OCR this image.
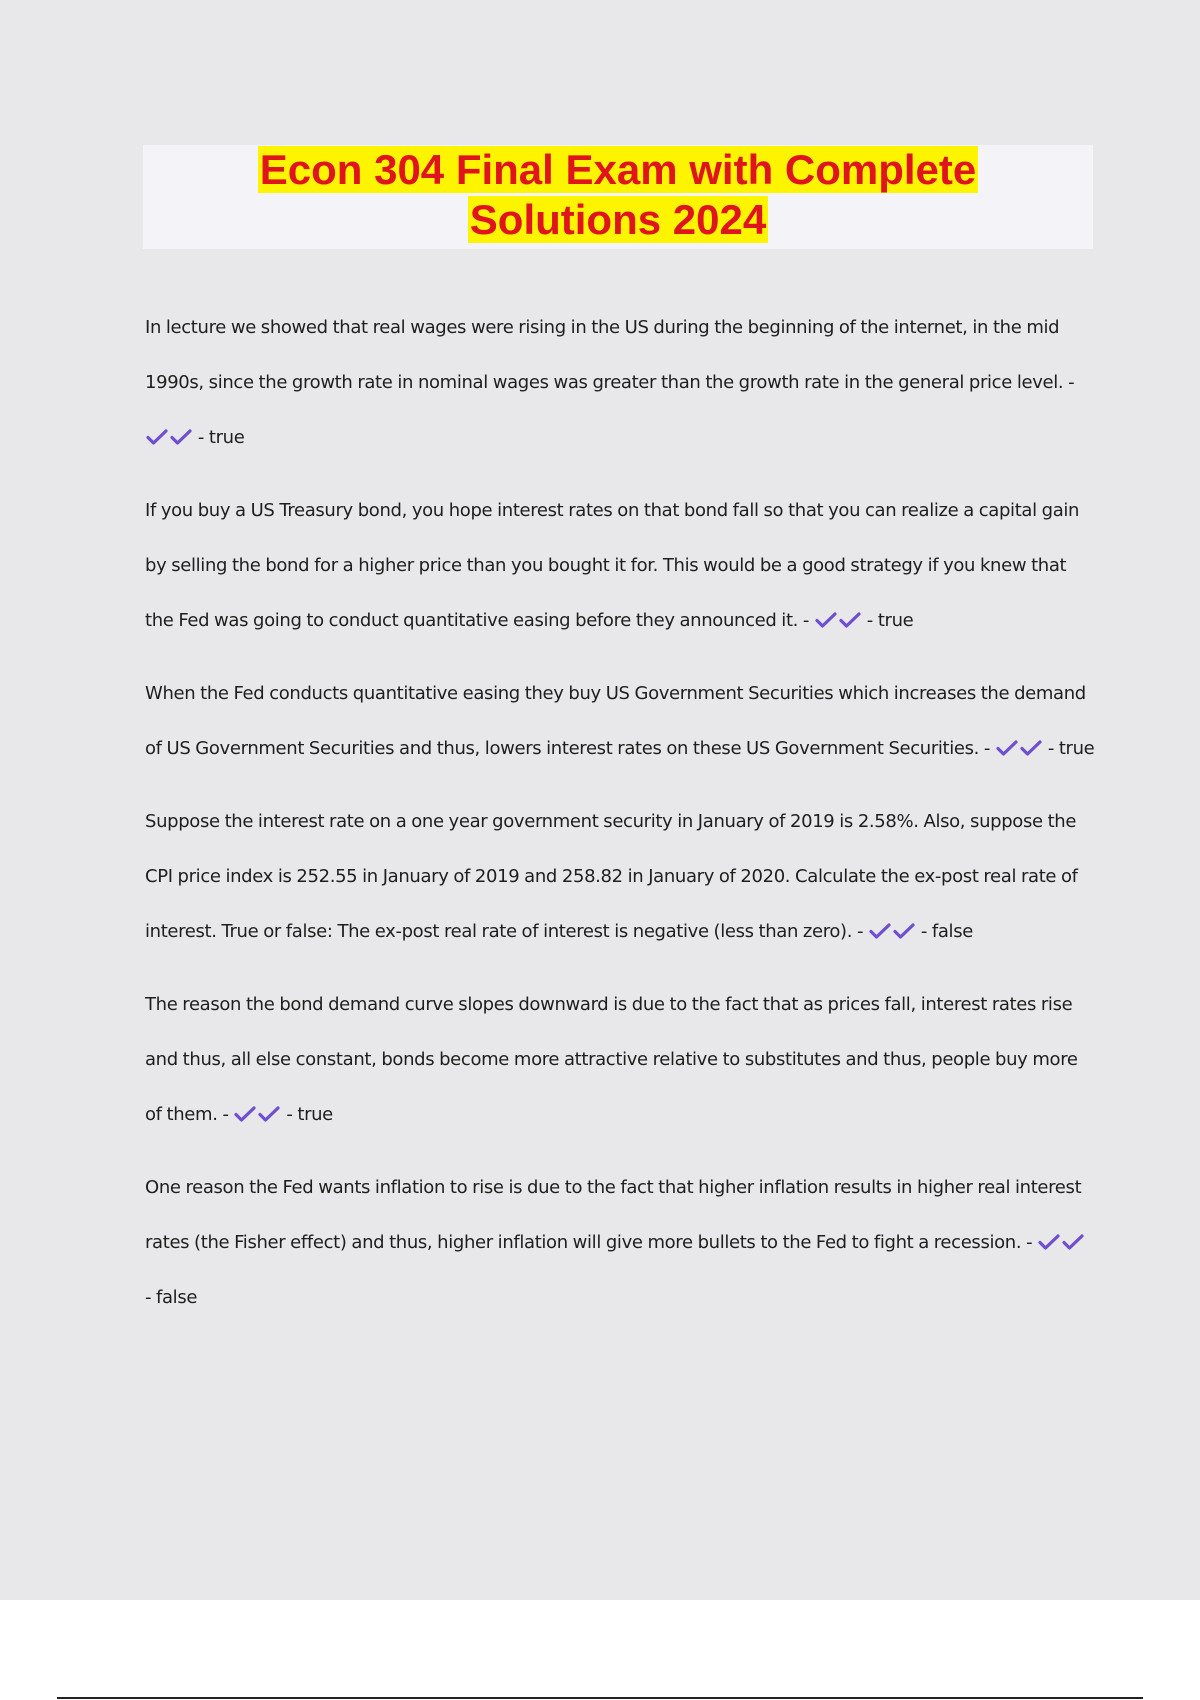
Econ 304 Final Exam with Complete
Solutions 2024

In lecture we showed that real wages were rising in the US during the beginning of the internet, in the mid 1990s, since the growth rate in nominal wages was greater than the growth rate in the general price level. -
- true

If you buy a US Treasury bond, you hope interest rates on that bond fall so that you can realize a capital gain by selling the bond for a higher price than you bought it for. This would be a good strategy if you knew that the Fed was going to conduct quantitative easing before they announced it. -	- true

When the Fed conducts quantitative easing they buy US Government Securities which increases the demand of US Government Securities and thus, lowers interest rates on these US Government Securities. -	- true

Suppose the interest rate on a one year government security in January of 2019 is 2.58%. Also, suppose the CPI price index is 252.55 in January of 2019 and 258.82 in January of 2020. Calculate the ex-post real rate of interest. True or false: The ex-post real rate of interest is negative (less than zero). -	- false

The reason the bond demand curve slopes downward is due to the fact that as prices fall, interest rates rise and thus, all else constant, bonds become more attractive relative to substitutes and thus, people buy more of them. -	- true

One reason the Fed wants inflation to rise is due to the fact that higher inflation results in higher real interest rates (the Fisher effect) and thus, higher inflation will give more bullets to the Fed to fight a recession. -
- false
